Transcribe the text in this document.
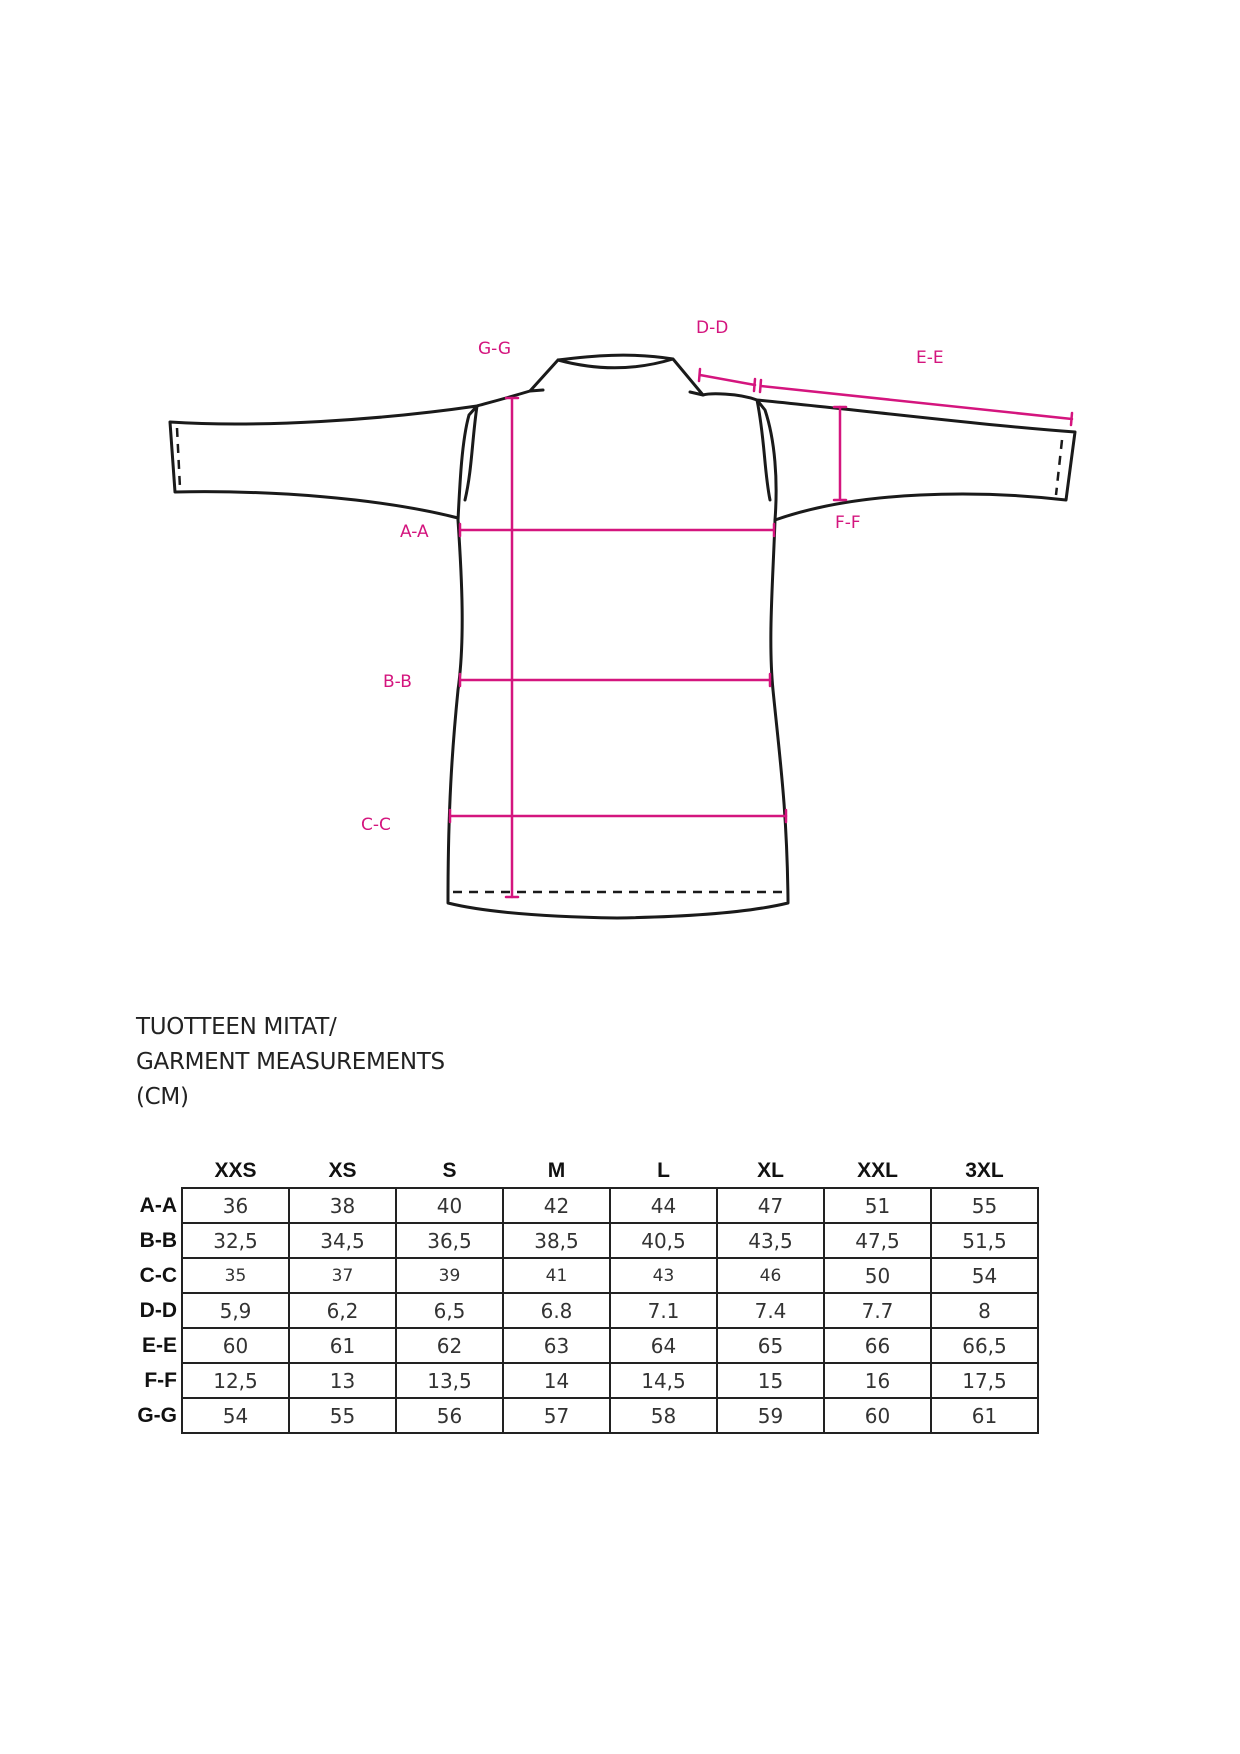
A-A
B-B
C-C
G-G
D-D
E-E
F-F
TUOTTEEN MITAT/
GARMENT MEASUREMENTS
(CM)
	XXS	XS	S	M	L	XL	XXL	3XL
A-A	36	38	40	42	44	47	51	55
B-B	32,5	34,5	36,5	38,5	40,5	43,5	47,5	51,5
C-C	35	37	39	41	43	46	50	54
D-D	5,9	6,2	6,5	6.8	7.1	7.4	7.7	8
E-E	60	61	62	63	64	65	66	66,5
F-F	12,5	13	13,5	14	14,5	15	16	17,5
G-G	54	55	56	57	58	59	60	61
